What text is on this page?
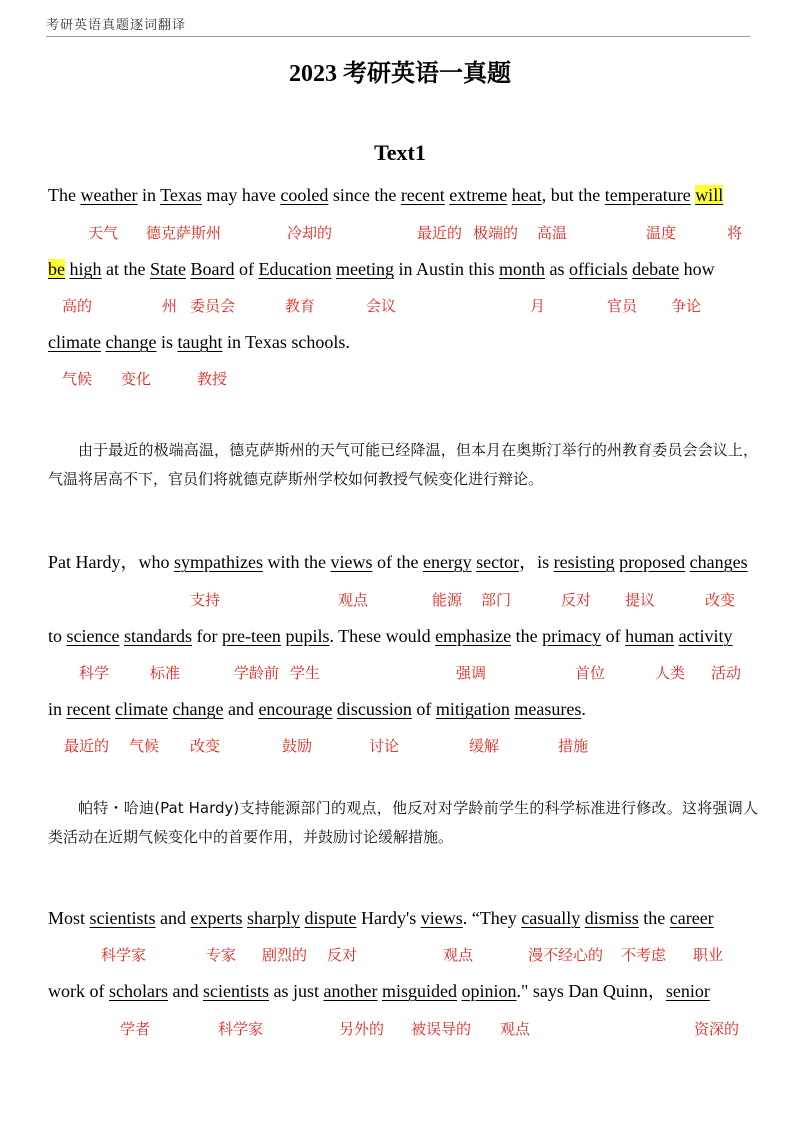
考研英语真题逐词翻译
2023 考研英语一真题
Text1
The weather in Texas may have cooled since the recent extreme heat, but the temperature will
天气 德克萨斯州	冷却的	最近的 极端的 高温	温度	将
be high at the State Board of Education meeting in Austin this month as officials debate how
高的	州 委员会	教育	会议	月	官员 争论
climate change is taught in Texas schools.
气候 变化	教授
由于最近的极端高温，德克萨斯州的天气可能已经降温，但本月在奥斯汀举行的州教育委员会会议上，气温将居高不下，官员们将就德克萨斯州学校如何教授气候变化进行辩论。
Pat Hardy，who sympathizes with the views of the energy sector，is resisting proposed changes
支持	观点	能源 部门	反对 提议	改变
to science standards for pre-teen pupils. These would emphasize the primacy of human activity
科学	标准	学龄前 学生	强调	首位	人类 活动
in recent climate change and encourage discussion of mitigation measures.
最近的 气候 改变	鼓励	讨论	缓解	措施
帕特・哈迪(Pat Hardy)支持能源部门的观点，他反对对学龄前学生的科学标准进行修改。这将强调人类活动在近期气候变化中的首要作用，并鼓励讨论缓解措施。
Most scientists and experts sharply dispute Hardy's views. “They casually dismiss the career
科学家	专家 剧烈的 反对	观点	漫不经心的 不考虑 职业
work of scholars and scientists as just another misguided opinion." says Dan Quinn，senior
学者	科学家	另外的 被误导的 观点	资深的
